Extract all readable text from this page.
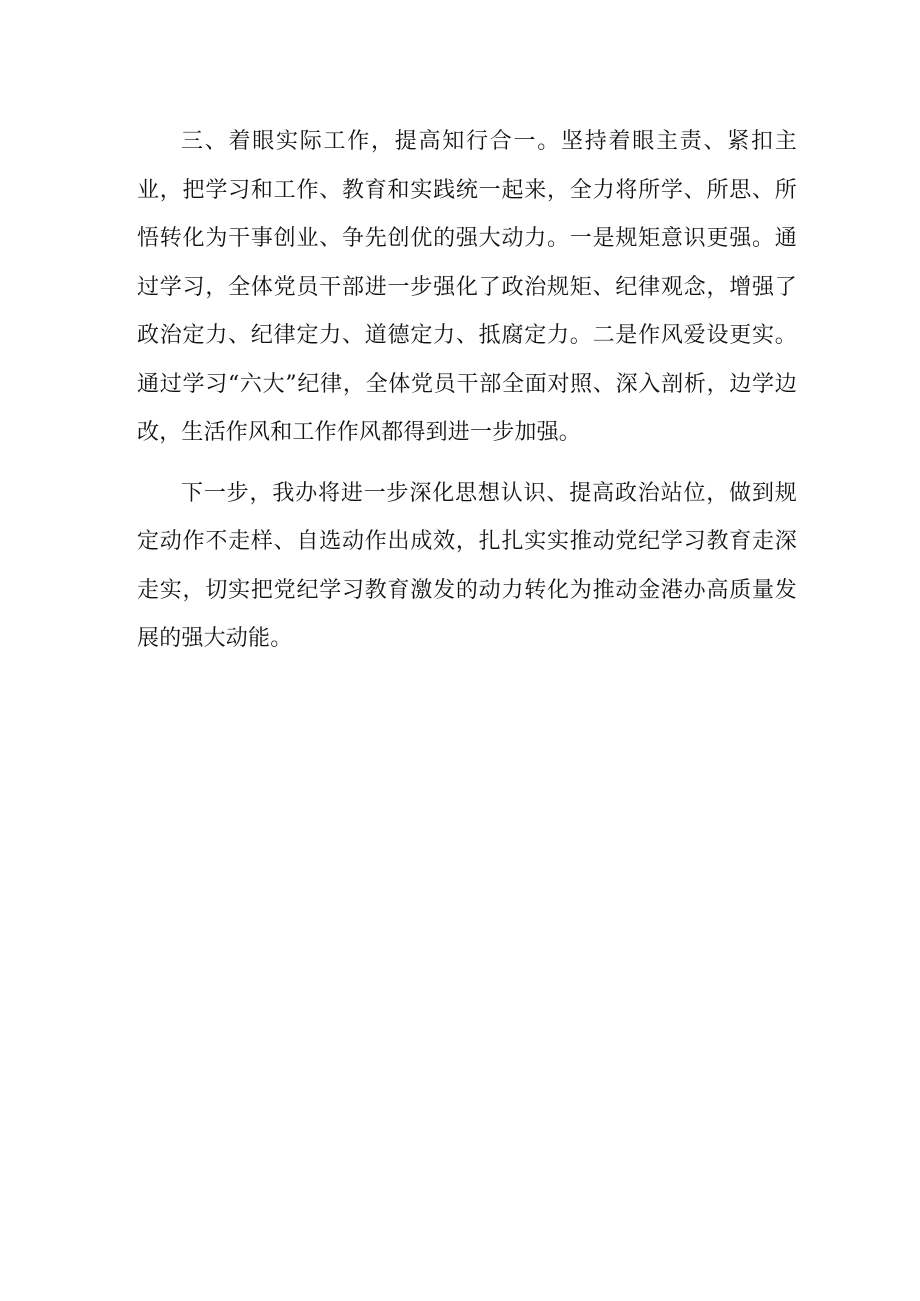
三、着眼实际工作，提高知行合一。坚持着眼主责、紧扣主业，把学习和工作、教育和实践统一起来，全力将所学、所思、所悟转化为干事创业、争先创优的强大动力。一是规矩意识更强。通过学习，全体党员干部进一步强化了政治规矩、纪律观念，增强了政治定力、纪律定力、道德定力、抵腐定力。二是作风爱设更实。通过学习“六大”纪律，全体党员干部全面对照、深入剖析，边学边改，生活作风和工作作风都得到进一步加强。

下一步，我办将进一步深化思想认识、提高政治站位，做到规定动作不走样、自选动作出成效，扎扎实实推动党纪学习教育走深走实，切实把党纪学习教育激发的动力转化为推动金港办高质量发展的强大动能。
